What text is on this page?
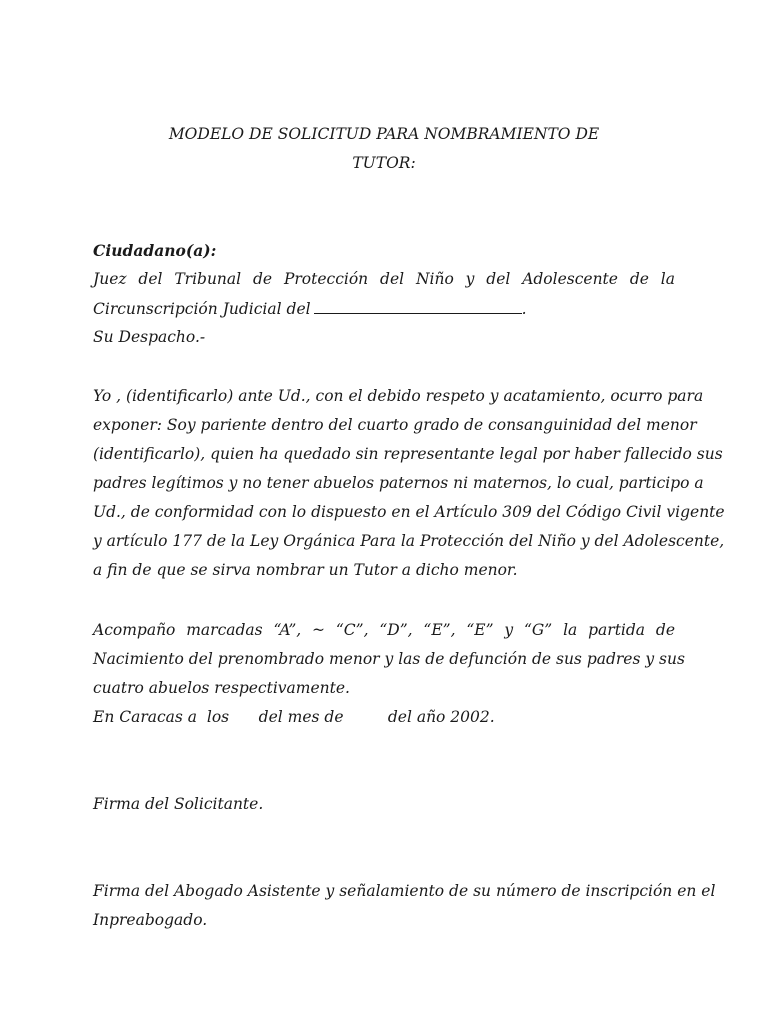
MODELO DE SOLICITUD PARA NOMBRAMIENTO DE
TUTOR:
Ciudadano(a):
Juez del Tribunal de Protección del Niño y del Adolescente de la
Circunscripción Judicial del	.
Su Despacho.-
Yo , (identificarlo) ante Ud., con el debido respeto y acatamiento, ocurro para
exponer: Soy pariente dentro del cuarto grado de consanguinidad del menor
(identificarlo), quien ha quedado sin representante legal por haber fallecido sus
padres legítimos y no tener abuelos paternos ni maternos, lo cual, participo a
Ud., de conformidad con lo dispuesto en el Artículo 309 del Código Civil vigente
y artículo 177 de la Ley Orgánica Para la Protección del Niño y del Adolescente,
a fin de que se sirva nombrar un Tutor a dicho menor.
Acompaño marcadas “A”, ~ “C”, “D”, “E”, “E” y “G” la partida de
Nacimiento del prenombrado menor y las de defunción de sus padres y sus
cuatro abuelos respectivamente.
En Caracas a  los      del mes de         del año 2002.
Firma del Solicitante.
Firma del Abogado Asistente y señalamiento de su número de inscripción en el
Inpreabogado.
